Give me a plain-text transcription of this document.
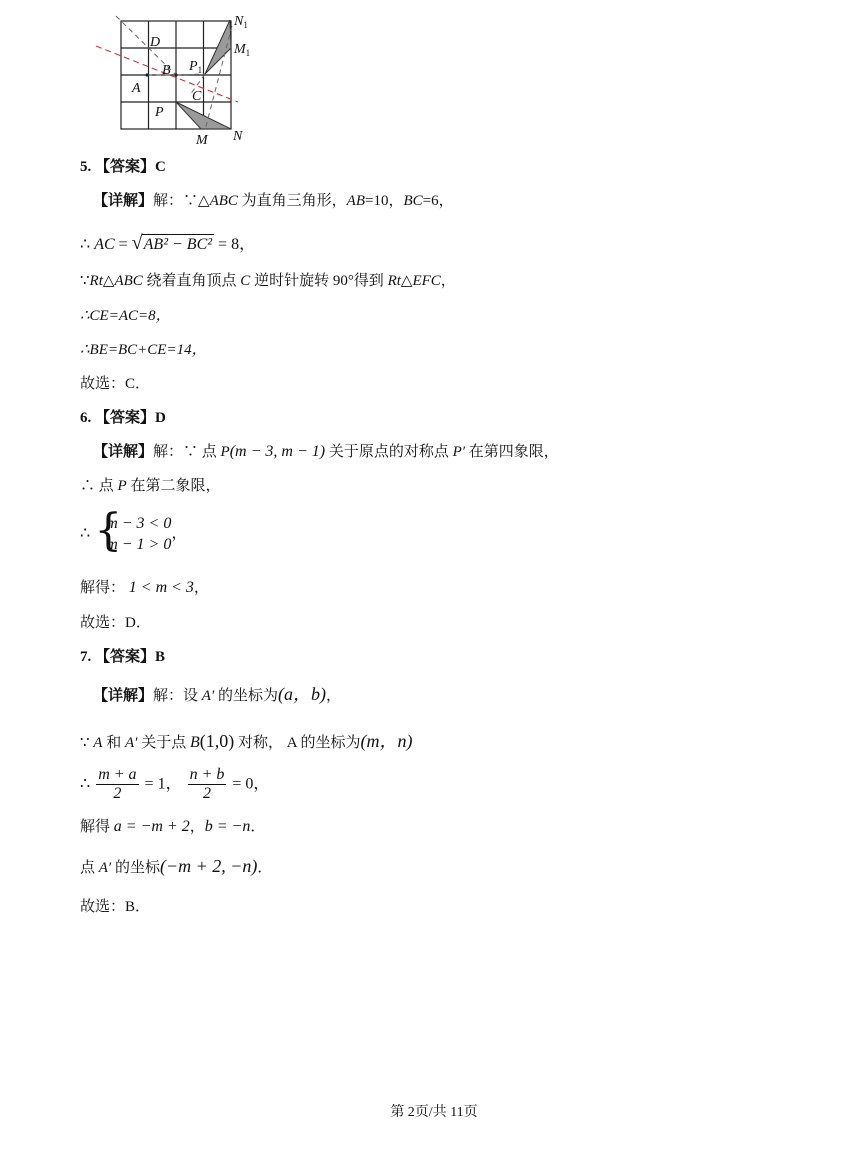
D
B
A
$P_1$
C
P
$N_1$
$M_1$
M N
5. 【答案】C
【详解】解：∵△ABC 为直角三角形，AB=10，BC=6，
∴ AC = √AB² − BC² = 8，
∵Rt△ABC 绕着直角顶点 C 逆时针旋转 90°得到 Rt△EFC，
∴CE=AC=8，
∴BE=BC+CE=14，
故选：C．
6. 【答案】D
【详解】解：∵ 点 P(m − 3, m − 1) 关于原点的对称点 P′ 在第四象限，
∴ 点 P 在第二象限，
∴ {
m − 3 < 0
m − 1 > 0
，
解得： 1 < m < 3，
故选：D．
7. 【答案】B
【详解】解：设 A′ 的坐标为(a，b)，
∵ A 和 A′ 关于点 B(1,0) 对称， A 的坐标为(m，n)
∴ $\frac{m + a}{2} = 1$， $\frac{n + b}{2} = 0$，
解得 a = −m + 2，b = −n．
点 A′ 的坐标(−m + 2, −n)．
故选：B．
第 2页/共 11页
